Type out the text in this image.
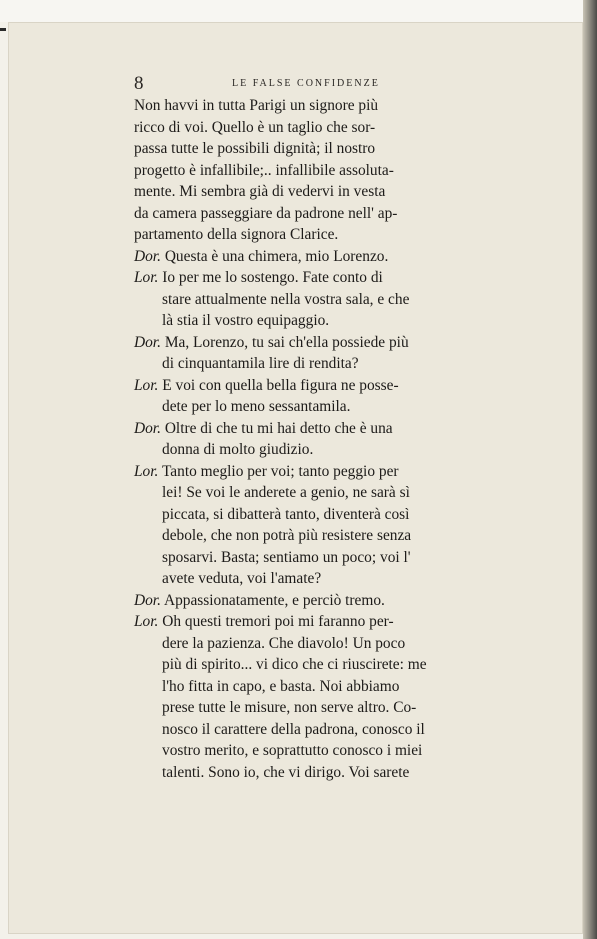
8	LE FALSE CONFIDENZE
Non havvi in tutta Parigi un signore più
ricco di voi. Quello è un taglio che sor-
passa tutte le possibili dignità; il nostro
progetto è infallibile;.. infallibile assoluta-
mente. Mi sembra già di vedervi in vesta
da camera passeggiare da padrone nell' ap-
partamento della signora Clarice.
Dor. Questa è una chimera, mio Lorenzo.
Lor. Io per me lo sostengo. Fate conto di
stare attualmente nella vostra sala, e che
là stia il vostro equipaggio.
Dor. Ma, Lorenzo, tu sai ch'ella possiede più
di cinquantamila lire di rendita?
Lor. E voi con quella bella figura ne posse-
dete per lo meno sessantamila.
Dor. Oltre di che tu mi hai detto che è una
donna di molto giudizio.
Lor. Tanto meglio per voi; tanto peggio per
lei! Se voi le anderete a genio, ne sarà sì
piccata, si dibatterà tanto, diventerà così
debole, che non potrà più resistere senza
sposarvi. Basta; sentiamo un poco; voi l'
avete veduta, voi l'amate?
Dor. Appassionatamente, e perciò tremo.
Lor. Oh questi tremori poi mi faranno per-
dere la pazienza. Che diavolo! Un poco
più di spirito... vi dico che ci riuscirete: me
l'ho fitta in capo, e basta. Noi abbiamo
prese tutte le misure, non serve altro. Co-
nosco il carattere della padrona, conosco il
vostro merito, e soprattutto conosco i miei
talenti. Sono io, che vi dirigo. Voi sarete
